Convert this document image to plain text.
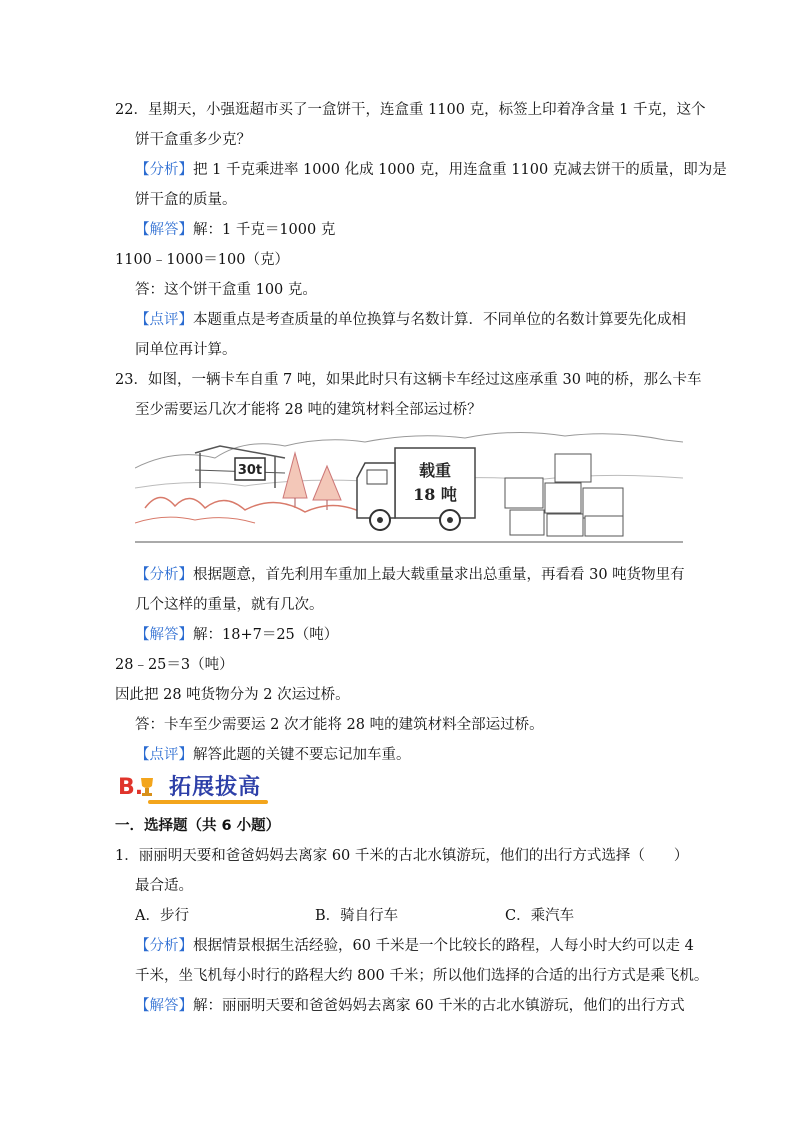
22．星期天，小强逛超市买了一盒饼干，连盒重 1100 克，标签上印着净含量 1 千克，这个
饼干盒重多少克？
【分析】把 1 千克乘进率 1000 化成 1000 克，用连盒重 1100 克减去饼干的质量，即为是
饼干盒的质量。
【解答】解：1 千克＝1000 克
1100﹣1000＝100（克）
答：这个饼干盒重 100 克。
【点评】本题重点是考查质量的单位换算与名数计算．不同单位的名数计算要先化成相
同单位再计算。
23．如图，一辆卡车自重 7 吨，如果此时只有这辆卡车经过这座承重 30 吨的桥，那么卡车
至少需要运几次才能将 28 吨的建筑材料全部运过桥？
30t	载重
18 吨
【分析】根据题意，首先利用车重加上最大载重量求出总重量，再看看 30 吨货物里有
几个这样的重量，就有几次。
【解答】解：18+7＝25（吨）
28﹣25＝3（吨）
因此把 28 吨货物分为 2 次运过桥。
答：卡车至少需要运 2 次才能将 28 吨的建筑材料全部运过桥。
【点评】解答此题的关键不要忘记加车重。
B. 拓展拔高
一．选择题（共 6 小题）
1．丽丽明天要和爸爸妈妈去离家 60 千米的古北水镇游玩，他们的出行方式选择（　　）
最合适。
A．步行	B．骑自行车	C．乘汽车
【分析】根据情景根据生活经验，60 千米是一个比较长的路程，人每小时大约可以走 4
千米，坐飞机每小时行的路程大约 800 千米；所以他们选择的合适的出行方式是乘飞机。
【解答】解：丽丽明天要和爸爸妈妈去离家 60 千米的古北水镇游玩，他们的出行方式
